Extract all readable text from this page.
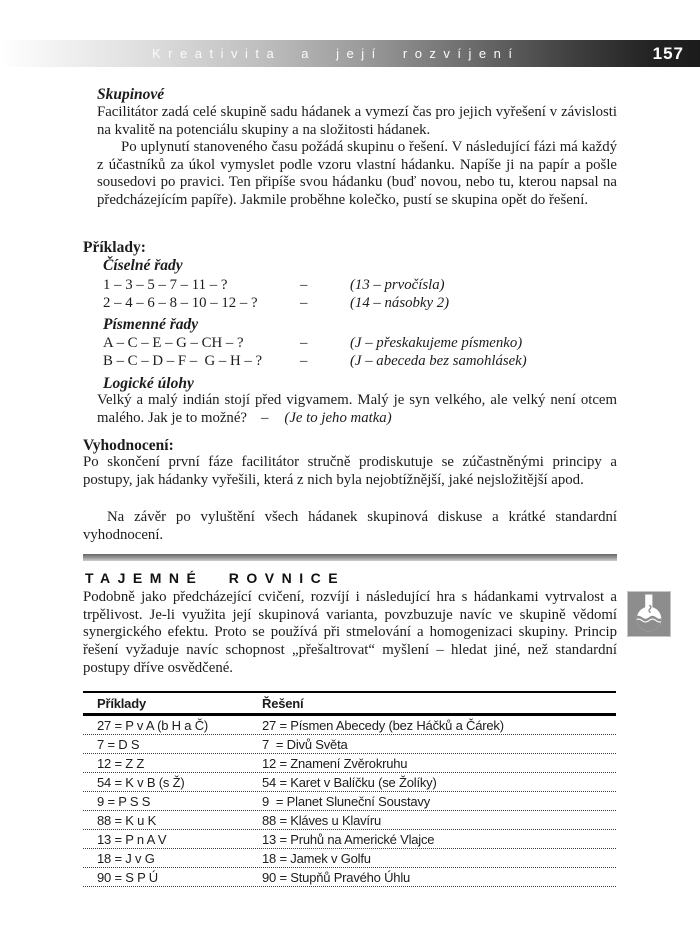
Kreativita a její rozvíjení	157
Skupinové
Facilitátor zadá celé skupině sadu hádanek a vymezí čas pro jejich vyřešení v závislosti na kvalitě na potenciálu skupiny a na složitosti hádanek.
Po uplynutí stanoveného času požádá skupinu o řešení. V následující fázi má každý z účastníků za úkol vymyslet podle vzoru vlastní hádanku. Napíše ji na papír a pošle sousedovi po pravici. Ten připíše svou hádanku (buď novou, nebo tu, kterou napsal na předcházejícím papíře). Jakmile proběhne kolečko, pustí se skupina opět do řešení.
Příklady:
Číselné řady
1 – 3 – 5 – 7 – 11 – ?	–	(13 – prvočísla)
2 – 4 – 6 – 8 – 10 – 12 – ?	–	(14 – násobky 2)
Písmenné řady
A – C – E – G – CH – ?	–	(J – přeskakujeme písmenko)
B – C – D – F –  G – H – ?	–	(J – abeceda bez samohlásek)
Logické úlohy
Velký a malý indián stojí před vigvamem. Malý je syn velkého, ale velký není otcem malého. Jak je to možné? – (Je to jeho matka)
Vyhodnocení:
Po skončení první fáze facilitátor stručně prodiskutuje se zúčastněnými principy a postupy, jak hádanky vyřešili, která z nich byla nejobtížnější, jaké nejsložitější apod.
Na závěr po vyluštění všech hádanek skupinová diskuse a krátké standardní vyhodnocení.
TAJEMNÉ ROVNICE
Podobně jako předcházející cvičení, rozvíjí i následující hra s hádankami vytrvalost a trpělivost. Je-li využita její skupinová varianta, povzbuzuje navíc ve skupině vědomí synergického efektu. Proto se používá při stmelování a homogenizaci skupiny. Princip řešení vyžaduje navíc schopnost „přešaltrovat“ myšlení – hledat jiné, než standardní postupy dříve osvědčené.
Příklady	Řešení
27 = P v A (b H a Č)	27 = Písmen Abecedy (bez Háčků a Čárek)
7 = D S	7  = Divů Světa
12 = Z Z	12 = Znamení Zvěrokruhu
54 = K v B (s Ž)	54 = Karet v Balíčku (se Žolíky)
9 = P S S	9  = Planet Sluneční Soustavy
88 = K u K	88 = Kláves u Klavíru
13 = P n A V	13 = Pruhů na Americké Vlajce
18 = J v G	18 = Jamek v Golfu
90 = S P Ú	90 = Stupňů Pravého Úhlu
